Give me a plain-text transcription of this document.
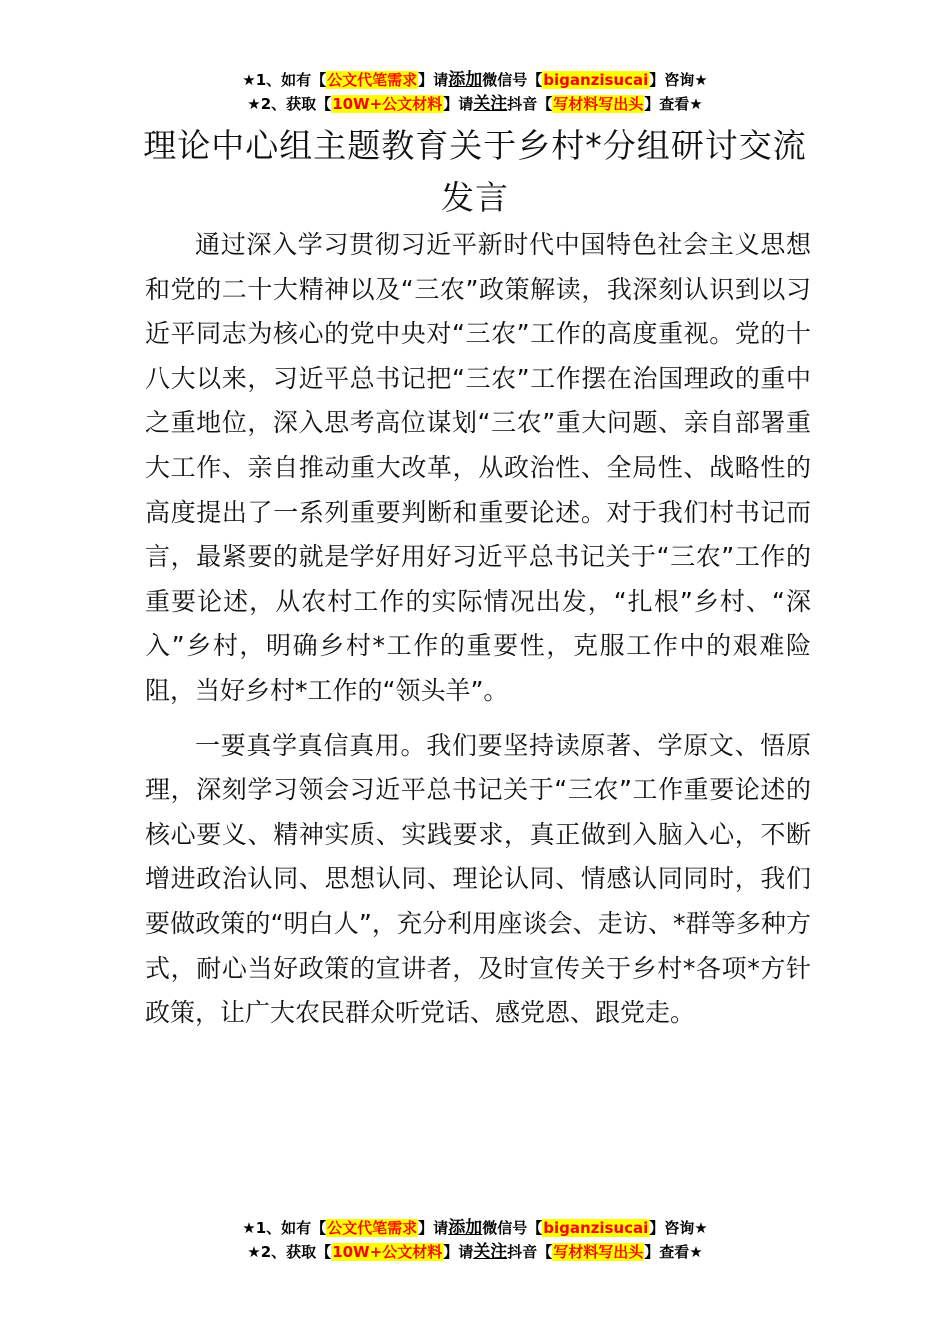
★1、如有【公文代笔需求】请添加微信号【biganzisucai】咨询★
★2、获取【10W+公文材料】请关注抖音【写材料写出头】查看★
理论中心组主题教育关于乡村*分组研讨交流发言

通过深入学习贯彻习近平新时代中国特色社会主义思想和党的二十大精神以及“三农”政策解读，我深刻认识到以习近平同志为核心的党中央对“三农”工作的高度重视。党的十八大以来，习近平总书记把“三农”工作摆在治国理政的重中之重地位，深入思考高位谋划“三农”重大问题、亲自部署重大工作、亲自推动重大改革，从政治性、全局性、战略性的高度提出了一系列重要判断和重要论述。对于我们村书记而言，最紧要的就是学好用好习近平总书记关于“三农”工作的重要论述，从农村工作的实际情况出发，“扎根”乡村、“深入”乡村，明确乡村*工作的重要性，克服工作中的艰难险阻，当好乡村*工作的“领头羊”。

一要真学真信真用。我们要坚持读原著、学原文、悟原理，深刻学习领会习近平总书记关于“三农”工作重要论述的核心要义、精神实质、实践要求，真正做到入脑入心，不断增进政治认同、思想认同、理论认同、情感认同同时，我们要做政策的“明白人”，充分利用座谈会、走访、*群等多种方式，耐心当好政策的宣讲者，及时宣传关于乡村*各项*方针政策，让广大农民群众听党话、感党恩、跟党走。

★1、如有【公文代笔需求】请添加微信号【biganzisucai】咨询★
★2、获取【10W+公文材料】请关注抖音【写材料写出头】查看★
